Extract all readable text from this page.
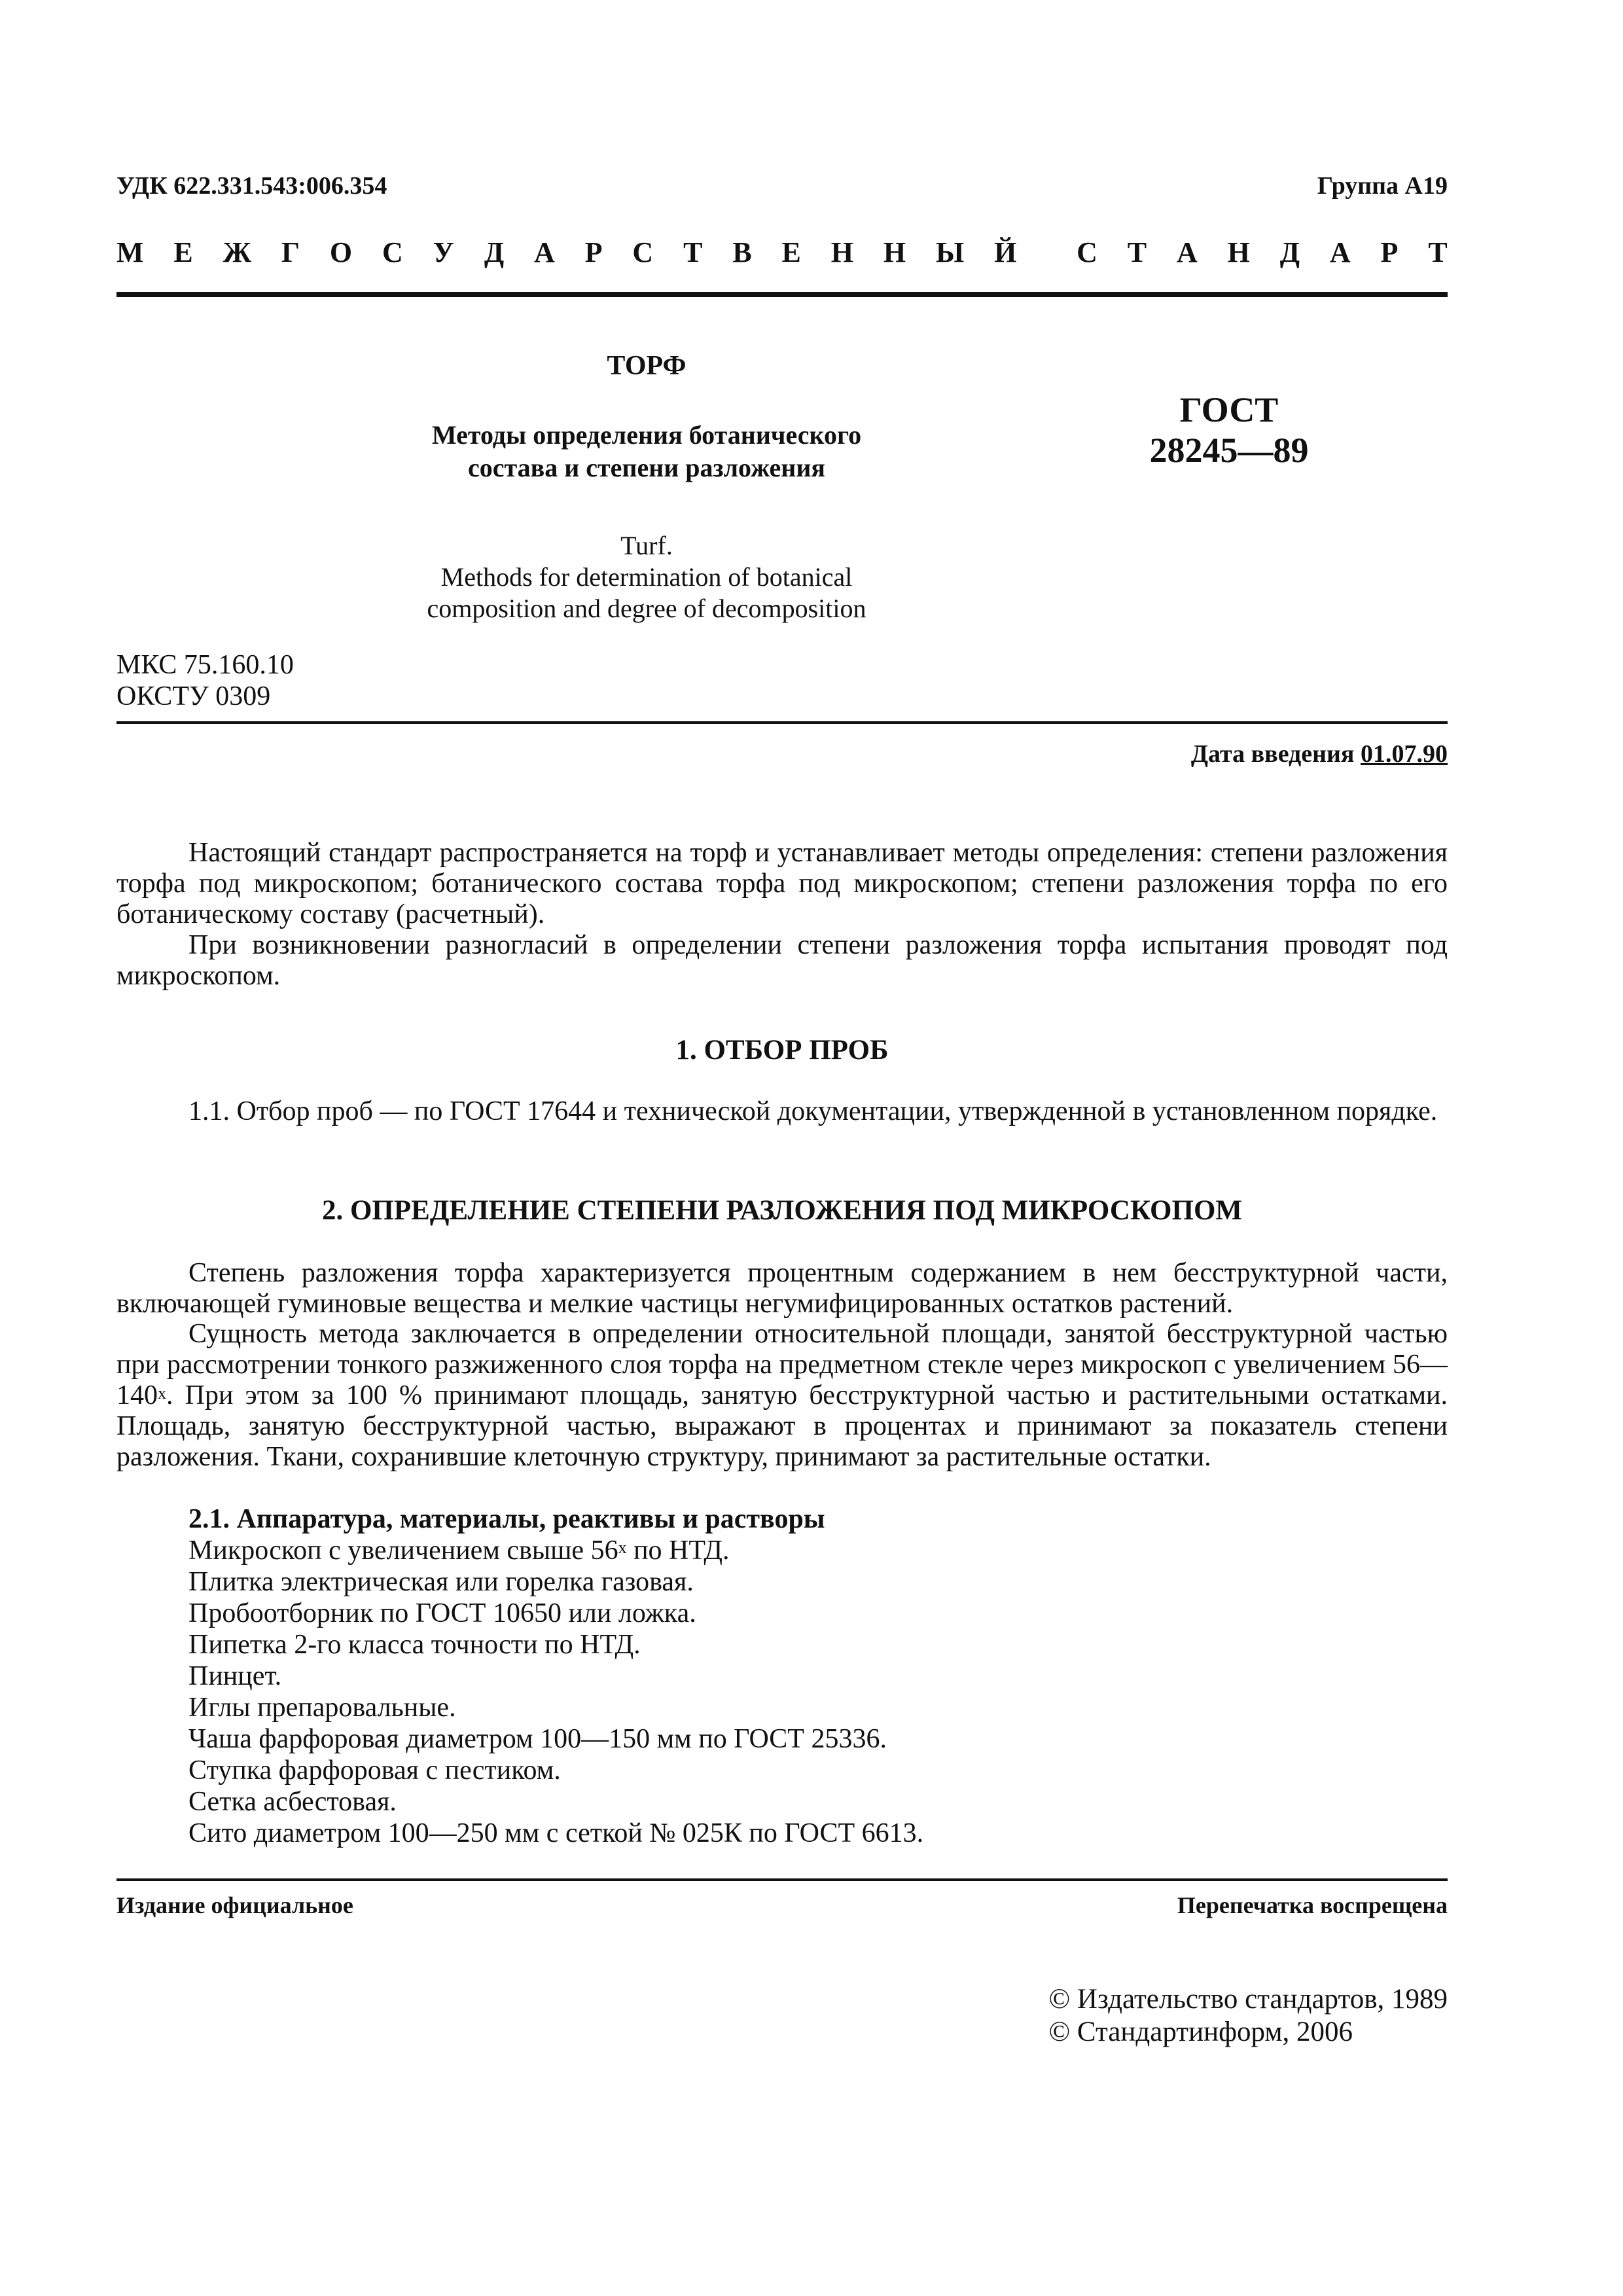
УДК 622.331.543:006.354	Группа А19
М Е Ж Г О С У Д А Р С Т В Е Н Н Ы Й С Т А Н Д А Р Т
ТОРФ
Методы определения ботанического
состава и степени разложения
Turf.
Methods for determination of botanical
composition and degree of decomposition
ГОСТ
28245—89
МКС 75.160.10
ОКСТУ 0309
Дата введения 01.07.90

Настоящий стандарт распространяется на торф и устанавливает методы определения: степени разложения торфа под микроскопом; ботанического состава торфа под микроскопом; степени разложения торфа по его ботаническому составу (расчетный).

При возникновении разногласий в определении степени разложения торфа испытания проводят под микроскопом.

1. ОТБОР ПРОБ

1.1. Отбор проб — по ГОСТ 17644 и технической документации, утвержденной в установленном порядке.

2. ОПРЕДЕЛЕНИЕ СТЕПЕНИ РАЗЛОЖЕНИЯ ПОД МИКРОСКОПОМ

Степень разложения торфа характеризуется процентным содержанием в нем бесструктурной части, включающей гуминовые вещества и мелкие частицы негумифицированных остатков растений.

Сущность метода заключается в определении относительной площади, занятой бесструктурной частью при рассмотрении тонкого разжиженного слоя торфа на предметном стекле через микроскоп с увеличением $56—140^х$. При этом за 100 % принимают площадь, занятую бесструктурной частью и растительными остатками. Площадь, занятую бесструктурной частью, выражают в процентах и принимают за показатель степени разложения. Ткани, сохранившие клеточную структуру, принимают за растительные остатки.

2.1. Аппаратура, материалы, реактивы и растворы

Микроскоп с увеличением свыше $56^х$ по НТД.

Плитка электрическая или горелка газовая.

Пробоотборник по ГОСТ 10650 или ложка.

Пипетка 2-го класса точности по НТД.

Пинцет.

Иглы препаровальные.

Чаша фарфоровая диаметром 100—150 мм по ГОСТ 25336.

Ступка фарфоровая с пестиком.

Сетка асбестовая.

Сито диаметром 100—250 мм с сеткой № 025К по ГОСТ 6613.

Издание официальное	Перепечатка воспрещена
© Издательство стандартов, 1989
© Стандартинформ, 2006
